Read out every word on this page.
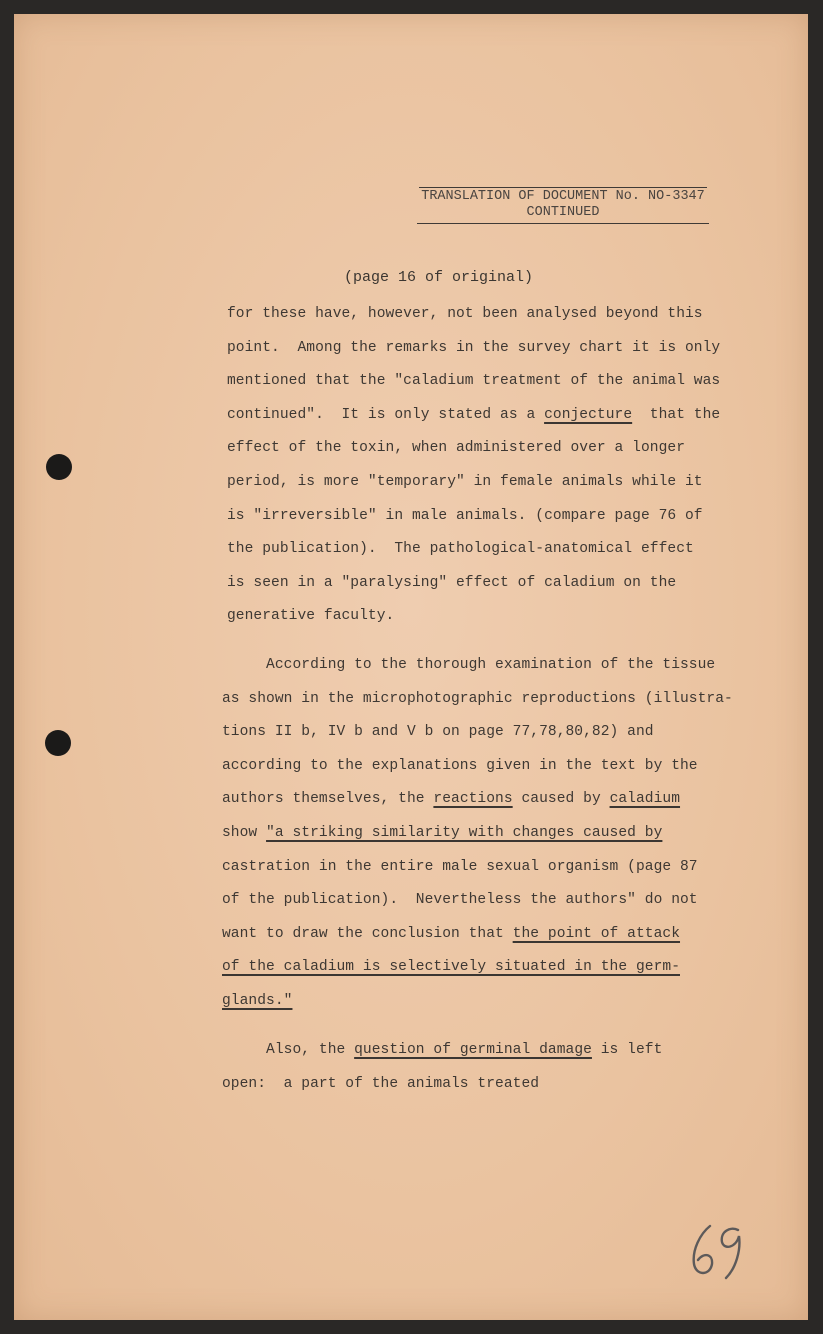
TRANSLATION OF DOCUMENT No. NO-3347
CONTINUED
(page 16 of original)
for these have, however, not been analysed beyond this
point.  Among the remarks in the survey chart it is only
mentioned that the "caladium treatment of the animal was
continued".  It is only stated as a conjecture  that the
effect of the toxin, when administered over a longer
period, is more "temporary" in female animals while it
is "irreversible" in male animals. (compare page 76 of
the publication).  The pathological-anatomical effect
is seen in a "paralysing" effect of caladium on the
generative faculty.
According to the thorough examination of the tissue
as shown in the microphotographic reproductions (illustra-
tions II b, IV b and V b on page 77,78,80,82) and
according to the explanations given in the text by the
authors themselves, the reactions caused by caladium
show "a striking similarity with changes caused by
castration in the entire male sexual organism (page 87
of the publication).  Nevertheless the authors" do not
want to draw the conclusion that the point of attack
of the caladium is selectively situated in the germ-
glands."
Also, the question of germinal damage is left
open:  a part of the animals treated
